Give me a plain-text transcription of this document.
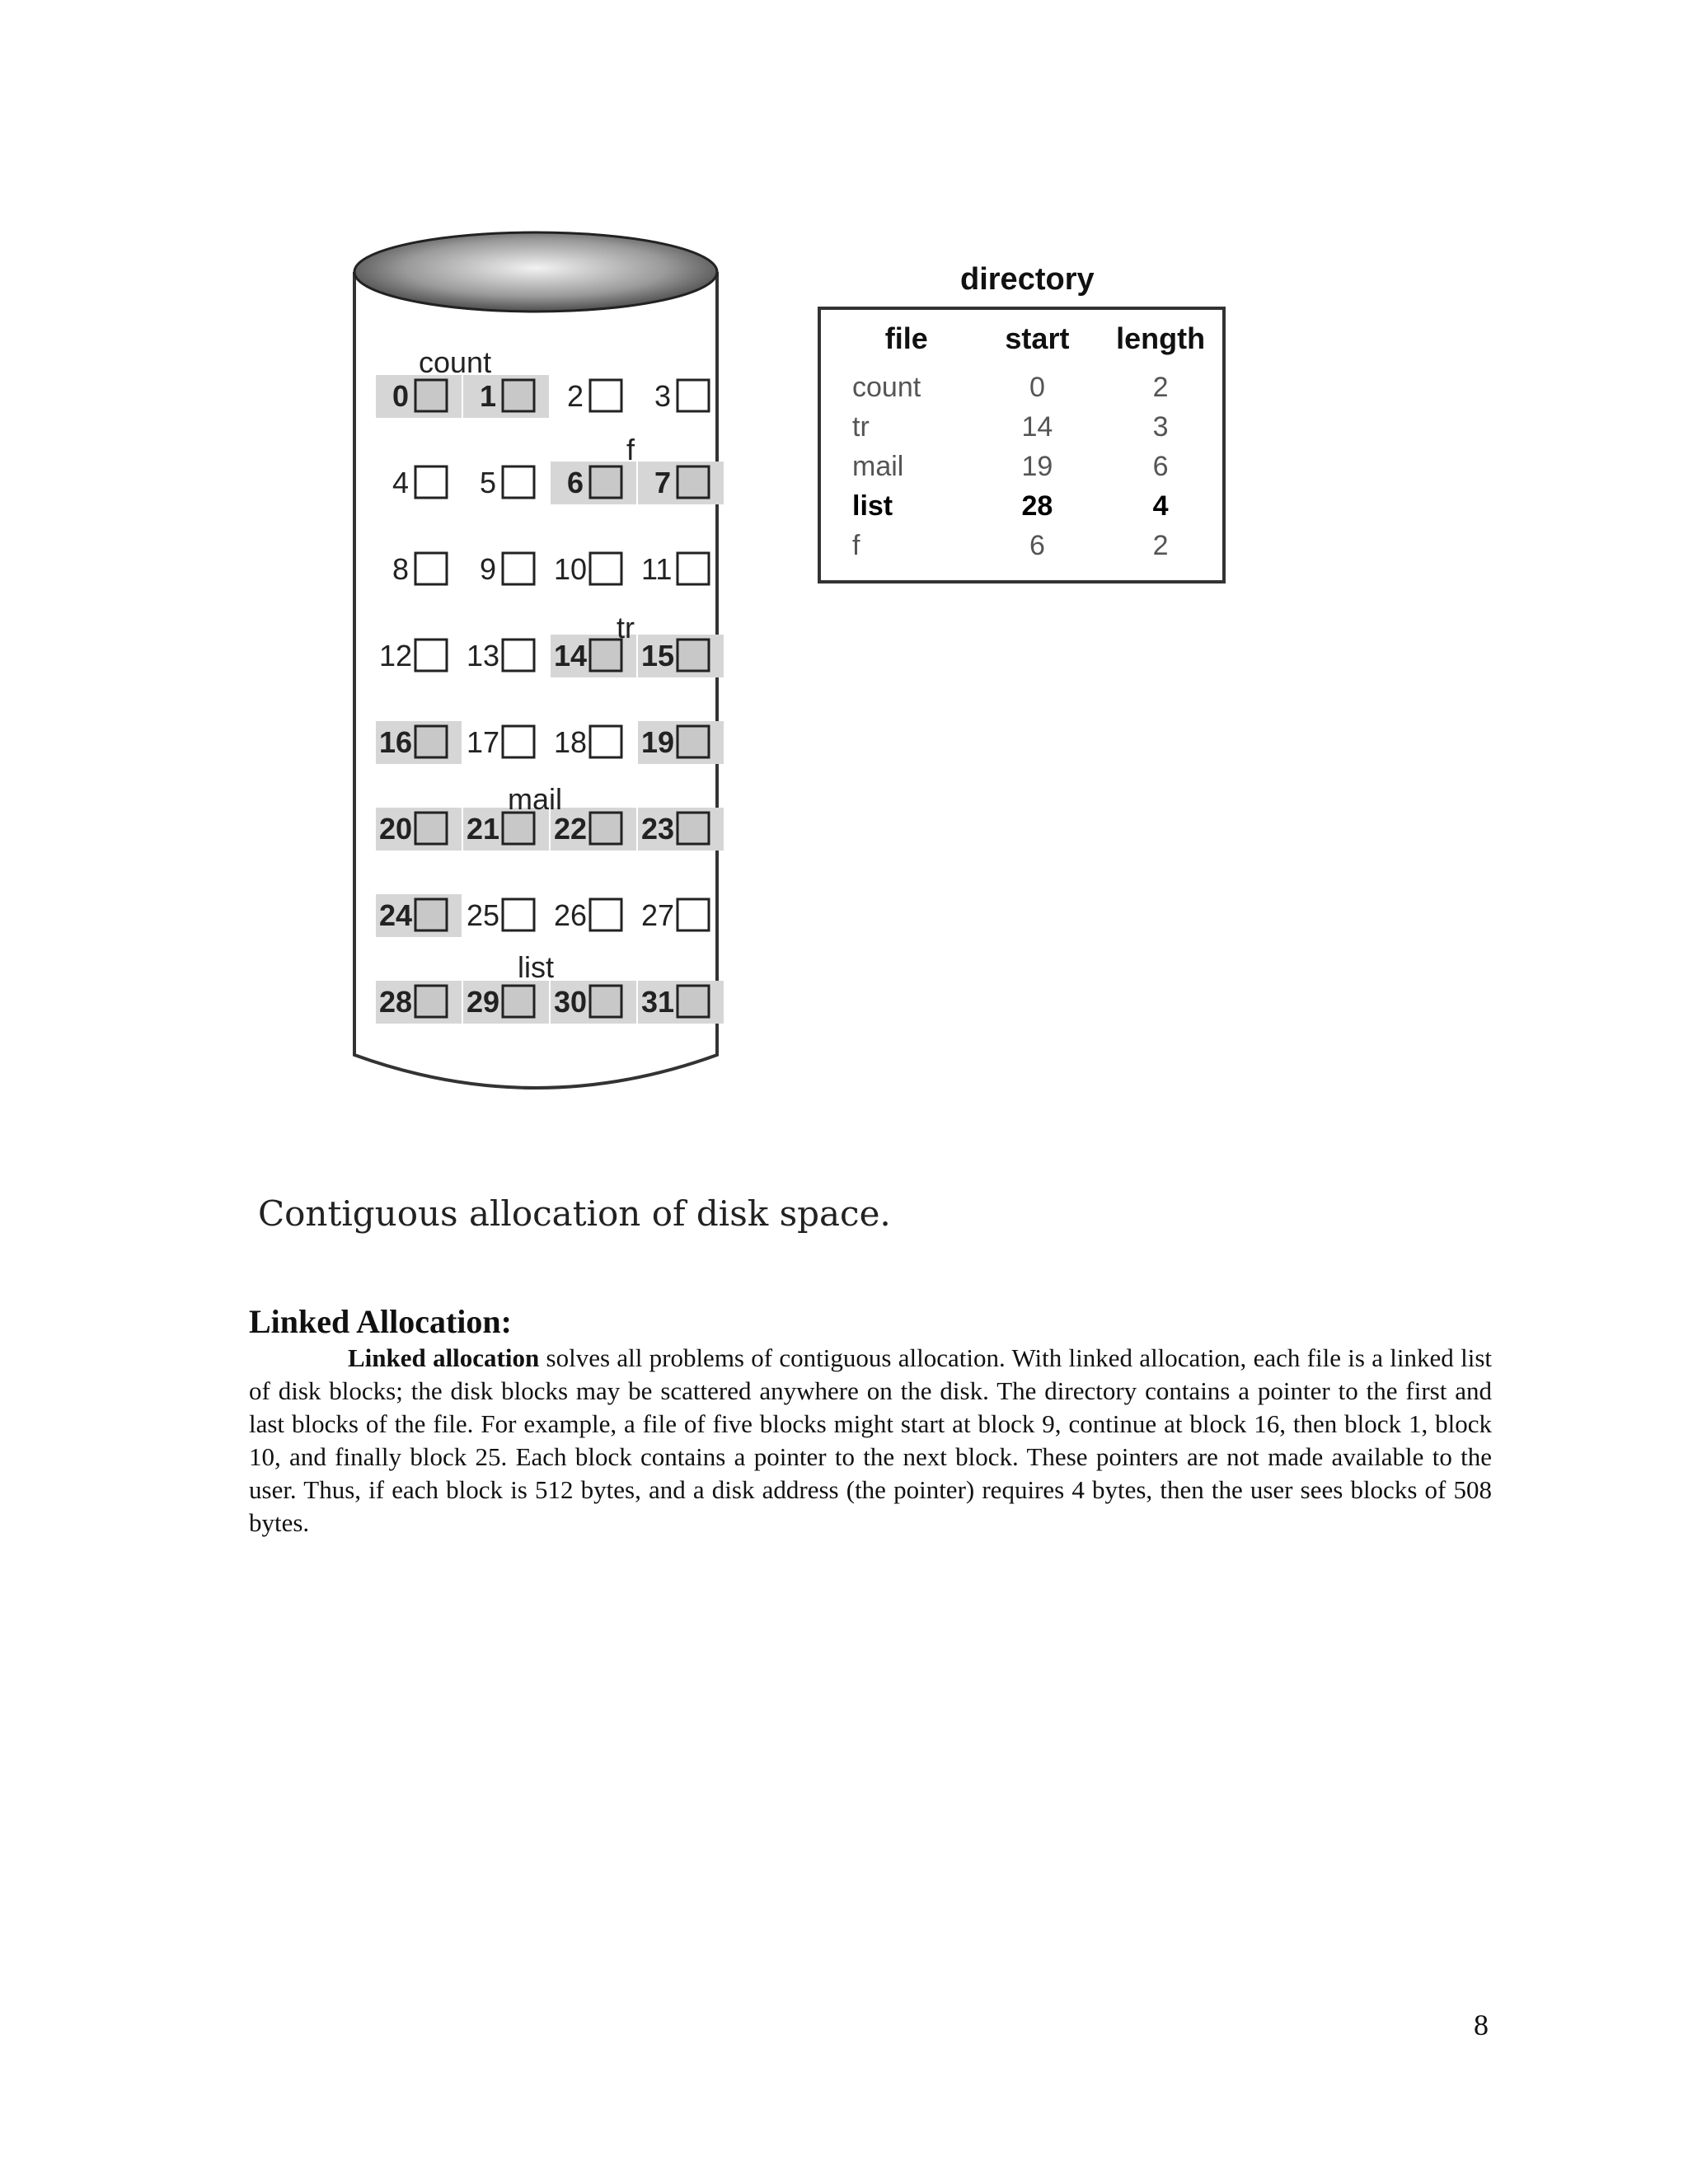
0 1 2 3
4 5 6 7
8 9 10 11
12 13 14 15
16 17 18 19
20 21 22 23
24 25 26 27
28 29 30 31
count
f
tr
mail
list
directory
file	start	length
count	0	2
tr	14	3
mail	19	6
list	28	4
f	6	2
Contiguous allocation of disk space.
Linked Allocation:

Linked allocation solves all problems of contiguous allocation. With linked allocation, each file is a linked list of disk blocks; the disk blocks may be scattered anywhere on the disk. The directory contains a pointer to the first and last blocks of the file. For example, a file of five blocks might start at block 9, continue at block 16, then block 1, block 10, and finally block 25. Each block contains a pointer to the next block. These pointers are not made available to the user. Thus, if each block is 512 bytes, and a disk address (the pointer) requires 4 bytes, then the user sees blocks of 508 bytes.

8
